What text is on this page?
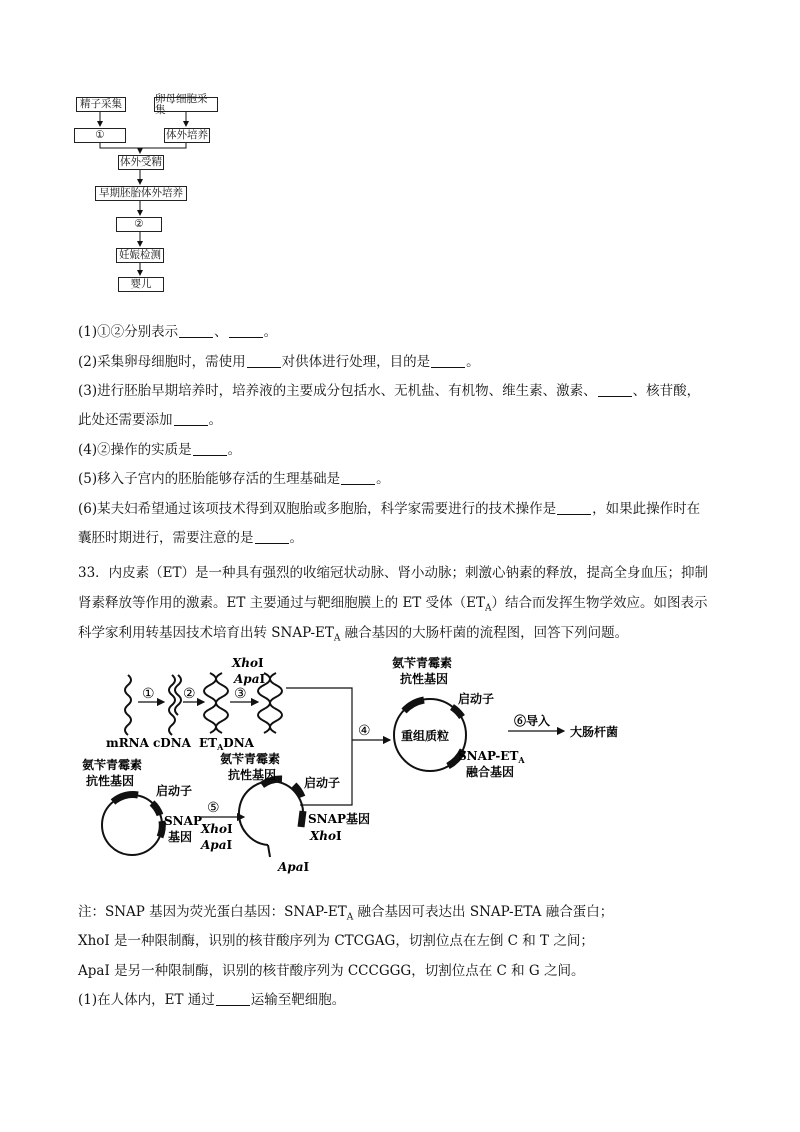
精子采集	卵母细胞采集
①	体外培养
体外受精
早期胚胎体外培养
②
妊娠检测
婴儿
(1)①②分别表示	、	。
(2)采集卵母细胞时，需使用	对供体进行处理，目的是	。
(3)进行胚胎早期培养时，培养液的主要成分包括水、无机盐、有机物、维生素、激素、	、核苷酸，
此处还需要添加	。
(4)②操作的实质是	。
(5)移入子宫内的胚胎能够存活的生理基础是	。
(6)某夫妇希望通过该项技术得到双胞胎或多胞胎，科学家需要进行的技术操作是	，如果此操作时在
囊胚时期进行，需要注意的是	。
33．内皮素（ET）是一种具有强烈的收缩冠状动脉、肾小动脉；刺激心钠素的释放，提高全身血压；抑制
肾素释放等作用的激素。ET 主要通过与靶细胞膜上的 ET 受体$(ET_A)$结合而发挥生物学效应。如图表示
科学家利用转基因技术培育出转 SNAP-$ET_A$ 融合基因的大肠杆菌的流程图，回答下列问题。
① ②	③
XhoⅠ
ApaⅠ
mRNA cDNA $ET_ADNA$
④	重组质粒
氨苄青霉素
抗性基因
启动子
SNAP-$ET_A$
融合基因
⑥导入
大肠杆菌
氨苄青霉素
抗性基因
启动子
SNAP
基因
⑤
XhoⅠ
ApaⅠ
氨苄青霉素
抗性基因
启动子
SNAP基因
XhoⅠ
ApaⅠ
注：SNAP 基因为荧光蛋白基因：SNAP-$ET_A$ 融合基因可表达出 SNAP-ETA 融合蛋白；
XhoI 是一种限制酶，识别的核苷酸序列为 CTCGAG，切割位点在左倒 C 和 T 之间；
ApaI 是另一种限制酶，识别的核苷酸序列为 CCCGGG，切割位点在 C 和 G 之间。
(1)在人体内，ET 通过	运输至靶细胞。
